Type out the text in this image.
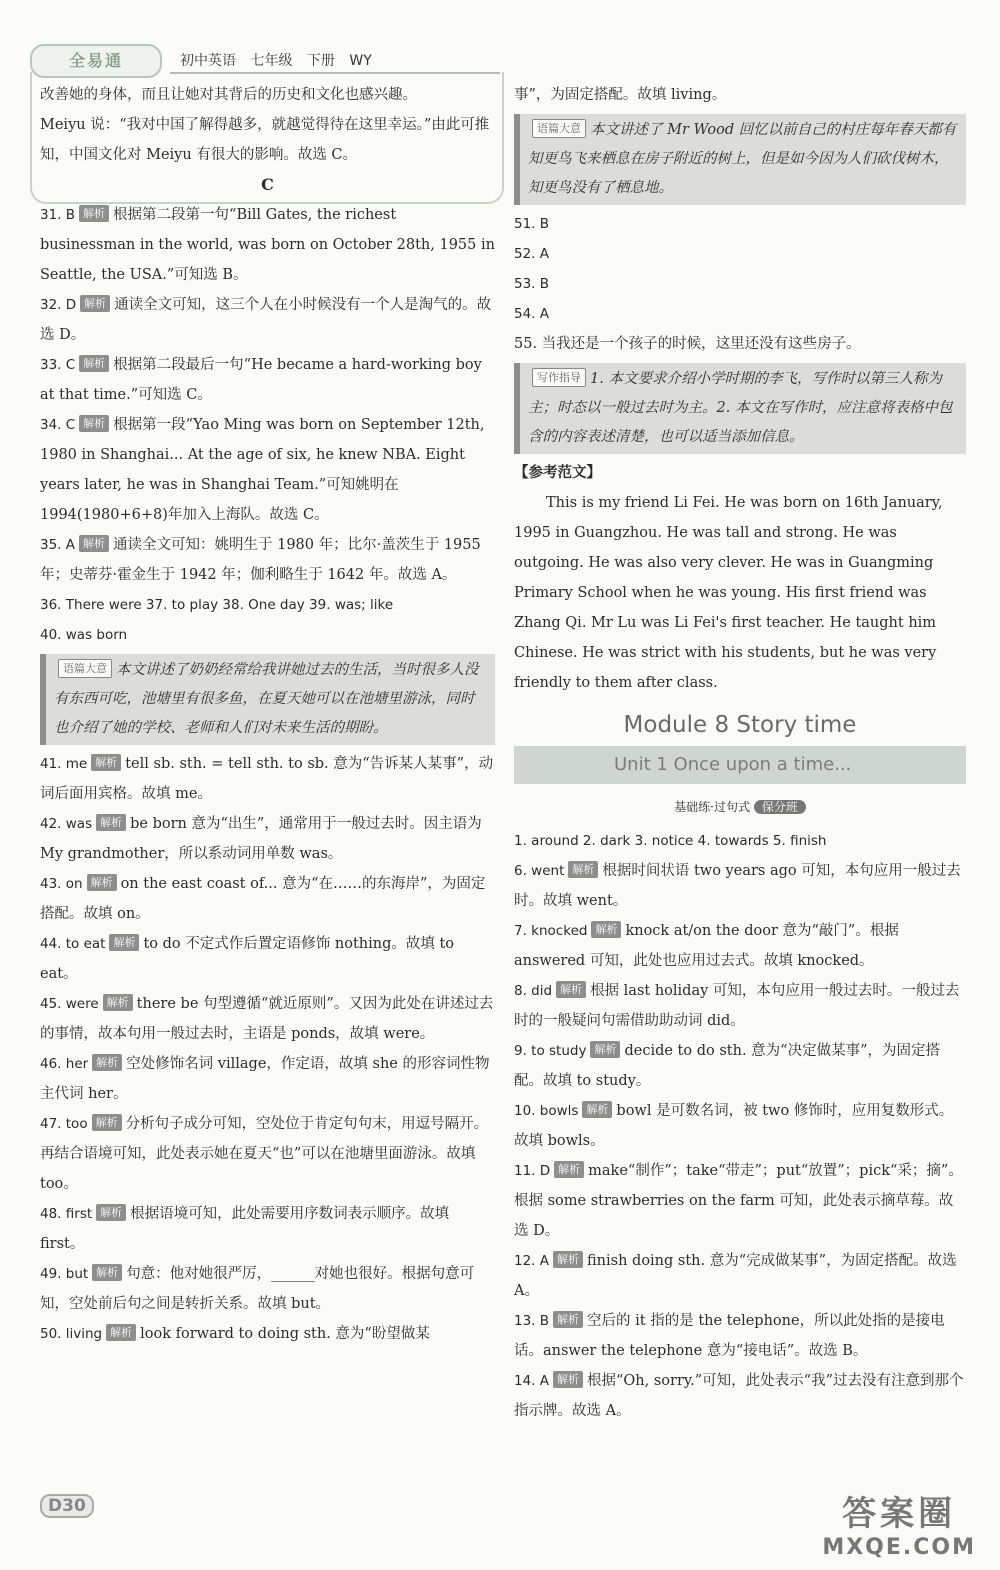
全易通	初中英语 七年级 下册 WY

改善她的身体，而且让她对其背后的历史和文化也感兴趣。

Meiyu 说：“我对中国了解得越多，就越觉得待在这里幸运。”由此可推知，中国文化对 Meiyu 有很大的影响。故选 C。

C

31. B 解析 根据第二段第一句“Bill Gates, the richest businessman in the world, was born on October 28th, 1955 in Seattle, the USA.”可知选 B。

32. D 解析 通读全文可知，这三个人在小时候没有一个人是淘气的。故选 D。

33. C 解析 根据第二段最后一句“He became a hard-working boy at that time.”可知选 C。

34. C 解析 根据第一段“Yao Ming was born on September 12th, 1980 in Shanghai... At the age of six, he knew NBA. Eight years later, he was in Shanghai Team.”可知姚明在 1994(1980+6+8)年加入上海队。故选 C。

35. A 解析 通读全文可知：姚明生于 1980 年；比尔·盖茨生于 1955 年；史蒂芬·霍金生于 1942 年；伽利略生于 1642 年。故选 A。

36. There were 37. to play 38. One day 39. was; like

40. was born

语篇大意 本文讲述了奶奶经常给我讲她过去的生活，当时很多人没有东西可吃，池塘里有很多鱼，在夏天她可以在池塘里游泳，同时也介绍了她的学校、老师和人们对未来生活的期盼。

41. me 解析 tell sb. sth. = tell sth. to sb. 意为“告诉某人某事”，动词后面用宾格。故填 me。

42. was 解析 be born 意为“出生”，通常用于一般过去时。因主语为 My grandmother，所以系动词用单数 was。

43. on 解析 on the east coast of... 意为“在……的东海岸”，为固定搭配。故填 on。

44. to eat 解析 to do 不定式作后置定语修饰 nothing。故填 to eat。

45. were 解析 there be 句型遵循“就近原则”。又因为此处在讲述过去的事情，故本句用一般过去时，主语是 ponds，故填 were。

46. her 解析 空处修饰名词 village，作定语，故填 she 的形容词性物主代词 her。

47. too 解析 分析句子成分可知，空处位于肯定句句末，用逗号隔开。再结合语境可知，此处表示她在夏天“也”可以在池塘里面游泳。故填 too。

48. first 解析 根据语境可知，此处需要用序数词表示顺序。故填 first。

49. but 解析 句意：他对她很严厉，______对她也很好。根据句意可知，空处前后句之间是转折关系。故填 but。

50. living 解析 look forward to doing sth. 意为“盼望做某

事”，为固定搭配。故填 living。

语篇大意 本文讲述了 Mr Wood 回忆以前自己的村庄每年春天都有知更鸟飞来栖息在房子附近的树上，但是如今因为人们砍伐树木，知更鸟没有了栖息地。

51. B

52. A

53. B

54. A

55. 当我还是一个孩子的时候，这里还没有这些房子。

写作指导 1. 本文要求介绍小学时期的李飞，写作时以第三人称为主；时态以一般过去时为主。2. 本文在写作时，应注意将表格中包含的内容表述清楚，也可以适当添加信息。

【参考范文】

This is my friend Li Fei. He was born on 16th January, 1995 in Guangzhou. He was tall and strong. He was outgoing. He was also very clever. He was in Guangming Primary School when he was young. His first friend was Zhang Qi. Mr Lu was Li Fei's first teacher. He taught him Chinese. He was strict with his students, but he was very friendly to them after class.

Module 8 Story time
Unit 1 Once upon a time...
基础练·过句式 保分班

1. around 2. dark 3. notice 4. towards 5. finish

6. went 解析 根据时间状语 two years ago 可知，本句应用一般过去时。故填 went。

7. knocked 解析 knock at/on the door 意为“敲门”。根据 answered 可知，此处也应用过去式。故填 knocked。

8. did 解析 根据 last holiday 可知，本句应用一般过去时。一般过去时的一般疑问句需借助助动词 did。

9. to study 解析 decide to do sth. 意为“决定做某事”，为固定搭配。故填 to study。

10. bowls 解析 bowl 是可数名词，被 two 修饰时，应用复数形式。故填 bowls。

11. D 解析 make“制作”；take“带走”；put“放置”；pick“采；摘”。根据 some strawberries on the farm 可知，此处表示摘草莓。故选 D。

12. A 解析 finish doing sth. 意为“完成做某事”，为固定搭配。故选 A。

13. B 解析 空后的 it 指的是 the telephone，所以此处指的是接电话。answer the telephone 意为“接电话”。故选 B。

14. A 解析 根据“Oh, sorry.”可知，此处表示“我”过去没有注意到那个指示牌。故选 A。

D30	答案圈
MXQE.COM
